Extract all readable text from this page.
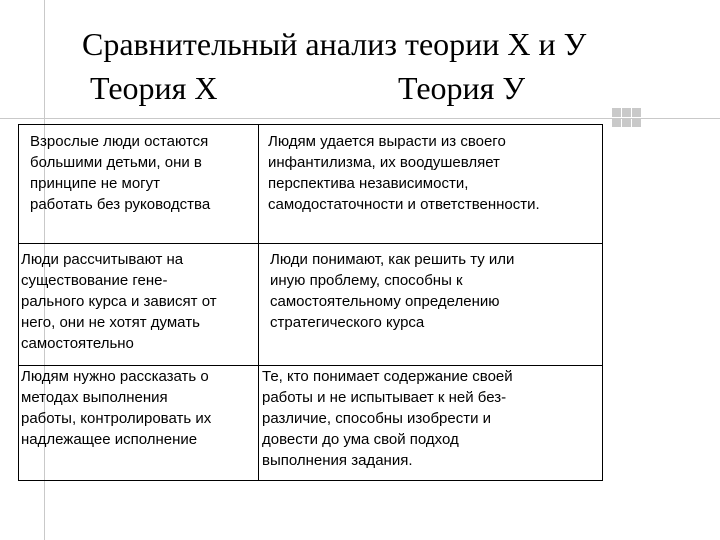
Сравнительный анализ теории Х и У
Теория Х	Теория У
Взрослые люди остаются
большими детьми, они в
принципе не могут
работать без руководства
Людям удается вырасти из своего
инфантилизма, их воодушевляет
перспектива независимости,
самодостаточности и ответственности.
Люди рассчитывают на
существование гене-
рального курса и зависят от
него, они не хотят думать
самостоятельно
Люди понимают, как решить ту или
иную проблему, способны к
самостоятельному определению
стратегического курса
Людям нужно рассказать о
методах выполнения
работы, контролировать их
надлежащее исполнение
Те, кто понимает содержание своей
работы и не испытывает к ней без-
различие, способны изобрести и
довести до ума свой подход
выполнения задания.
